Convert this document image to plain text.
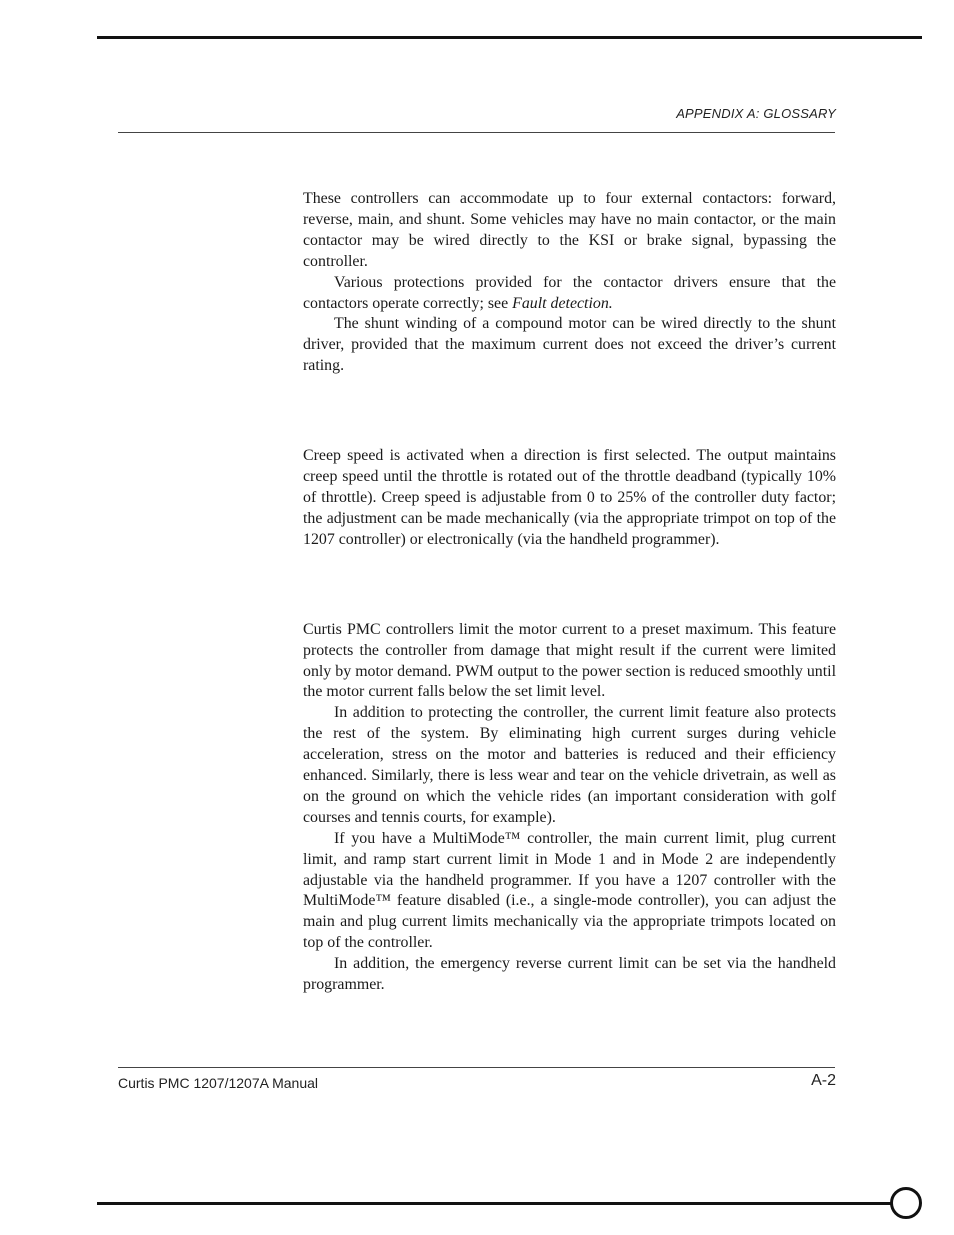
APPENDIX A: GLOSSARY

These controllers can accommodate up to four external contactors: forward, reverse, main, and shunt. Some vehicles may have no main contactor, or the main contactor may be wired directly to the KSI or brake signal, bypassing the controller.

Various protections provided for the contactor drivers ensure that the contactors operate correctly; see Fault detection.

The shunt winding of a compound motor can be wired directly to the shunt driver, provided that the maximum current does not exceed the driver’s current rating.

Creep speed is activated when a direction is first selected. The output maintains creep speed until the throttle is rotated out of the throttle deadband (typically 10% of throttle). Creep speed is adjustable from 0 to 25% of the controller duty factor; the adjustment can be made mechanically (via the appropriate trimpot on top of the 1207 controller) or electronically (via the handheld programmer).

Curtis PMC controllers limit the motor current to a preset maximum. This feature protects the controller from damage that might result if the current were limited only by motor demand. PWM output to the power section is reduced smoothly until the motor current falls below the set limit level.

In addition to protecting the controller, the current limit feature also protects the rest of the system. By eliminating high current surges during vehicle acceleration, stress on the motor and batteries is reduced and their efficiency enhanced. Similarly, there is less wear and tear on the vehicle drivetrain, as well as on the ground on which the vehicle rides (an important consideration with golf courses and tennis courts, for example).

If you have a MultiMode™ controller, the main current limit, plug current limit, and ramp start current limit in Mode 1 and in Mode 2 are independently adjustable via the handheld programmer. If you have a 1207 controller with the MultiMode™ feature disabled (i.e., a single-mode controller), you can adjust the main and plug current limits mechanically via the appropriate trimpots located on top of the controller.

In addition, the emergency reverse current limit can be set via the handheld programmer.

Curtis PMC 1207/1207A Manual	A-2
